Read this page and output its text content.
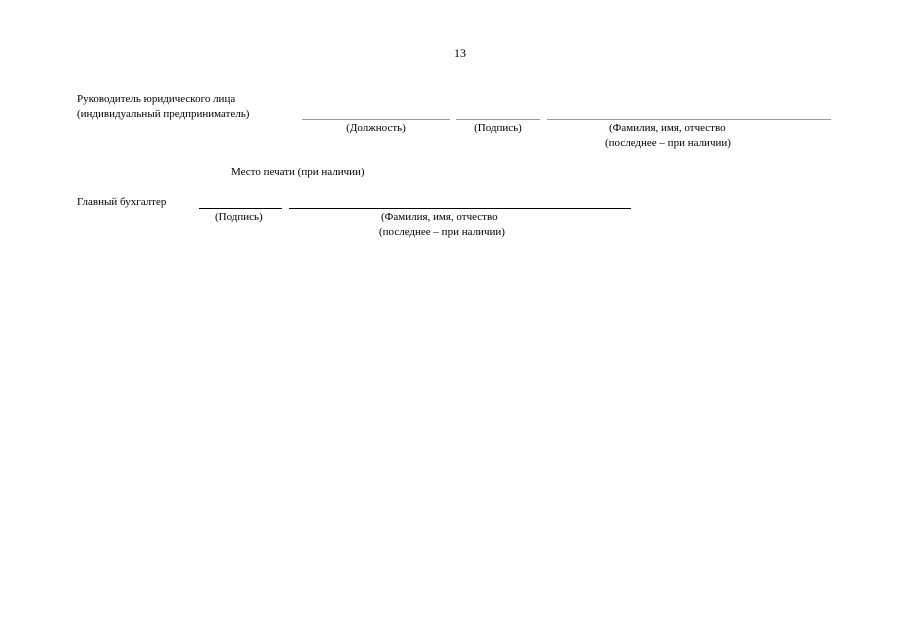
13
Руководитель юридического лица
(индивидуальный предприниматель)
(Должность)	(Подпись)	(Фамилия, имя, отчество
(последнее – при наличии)
Место печати (при наличии)
Главный бухгалтер
(Подпись)	(Фамилия, имя, отчество
(последнее – при наличии)
